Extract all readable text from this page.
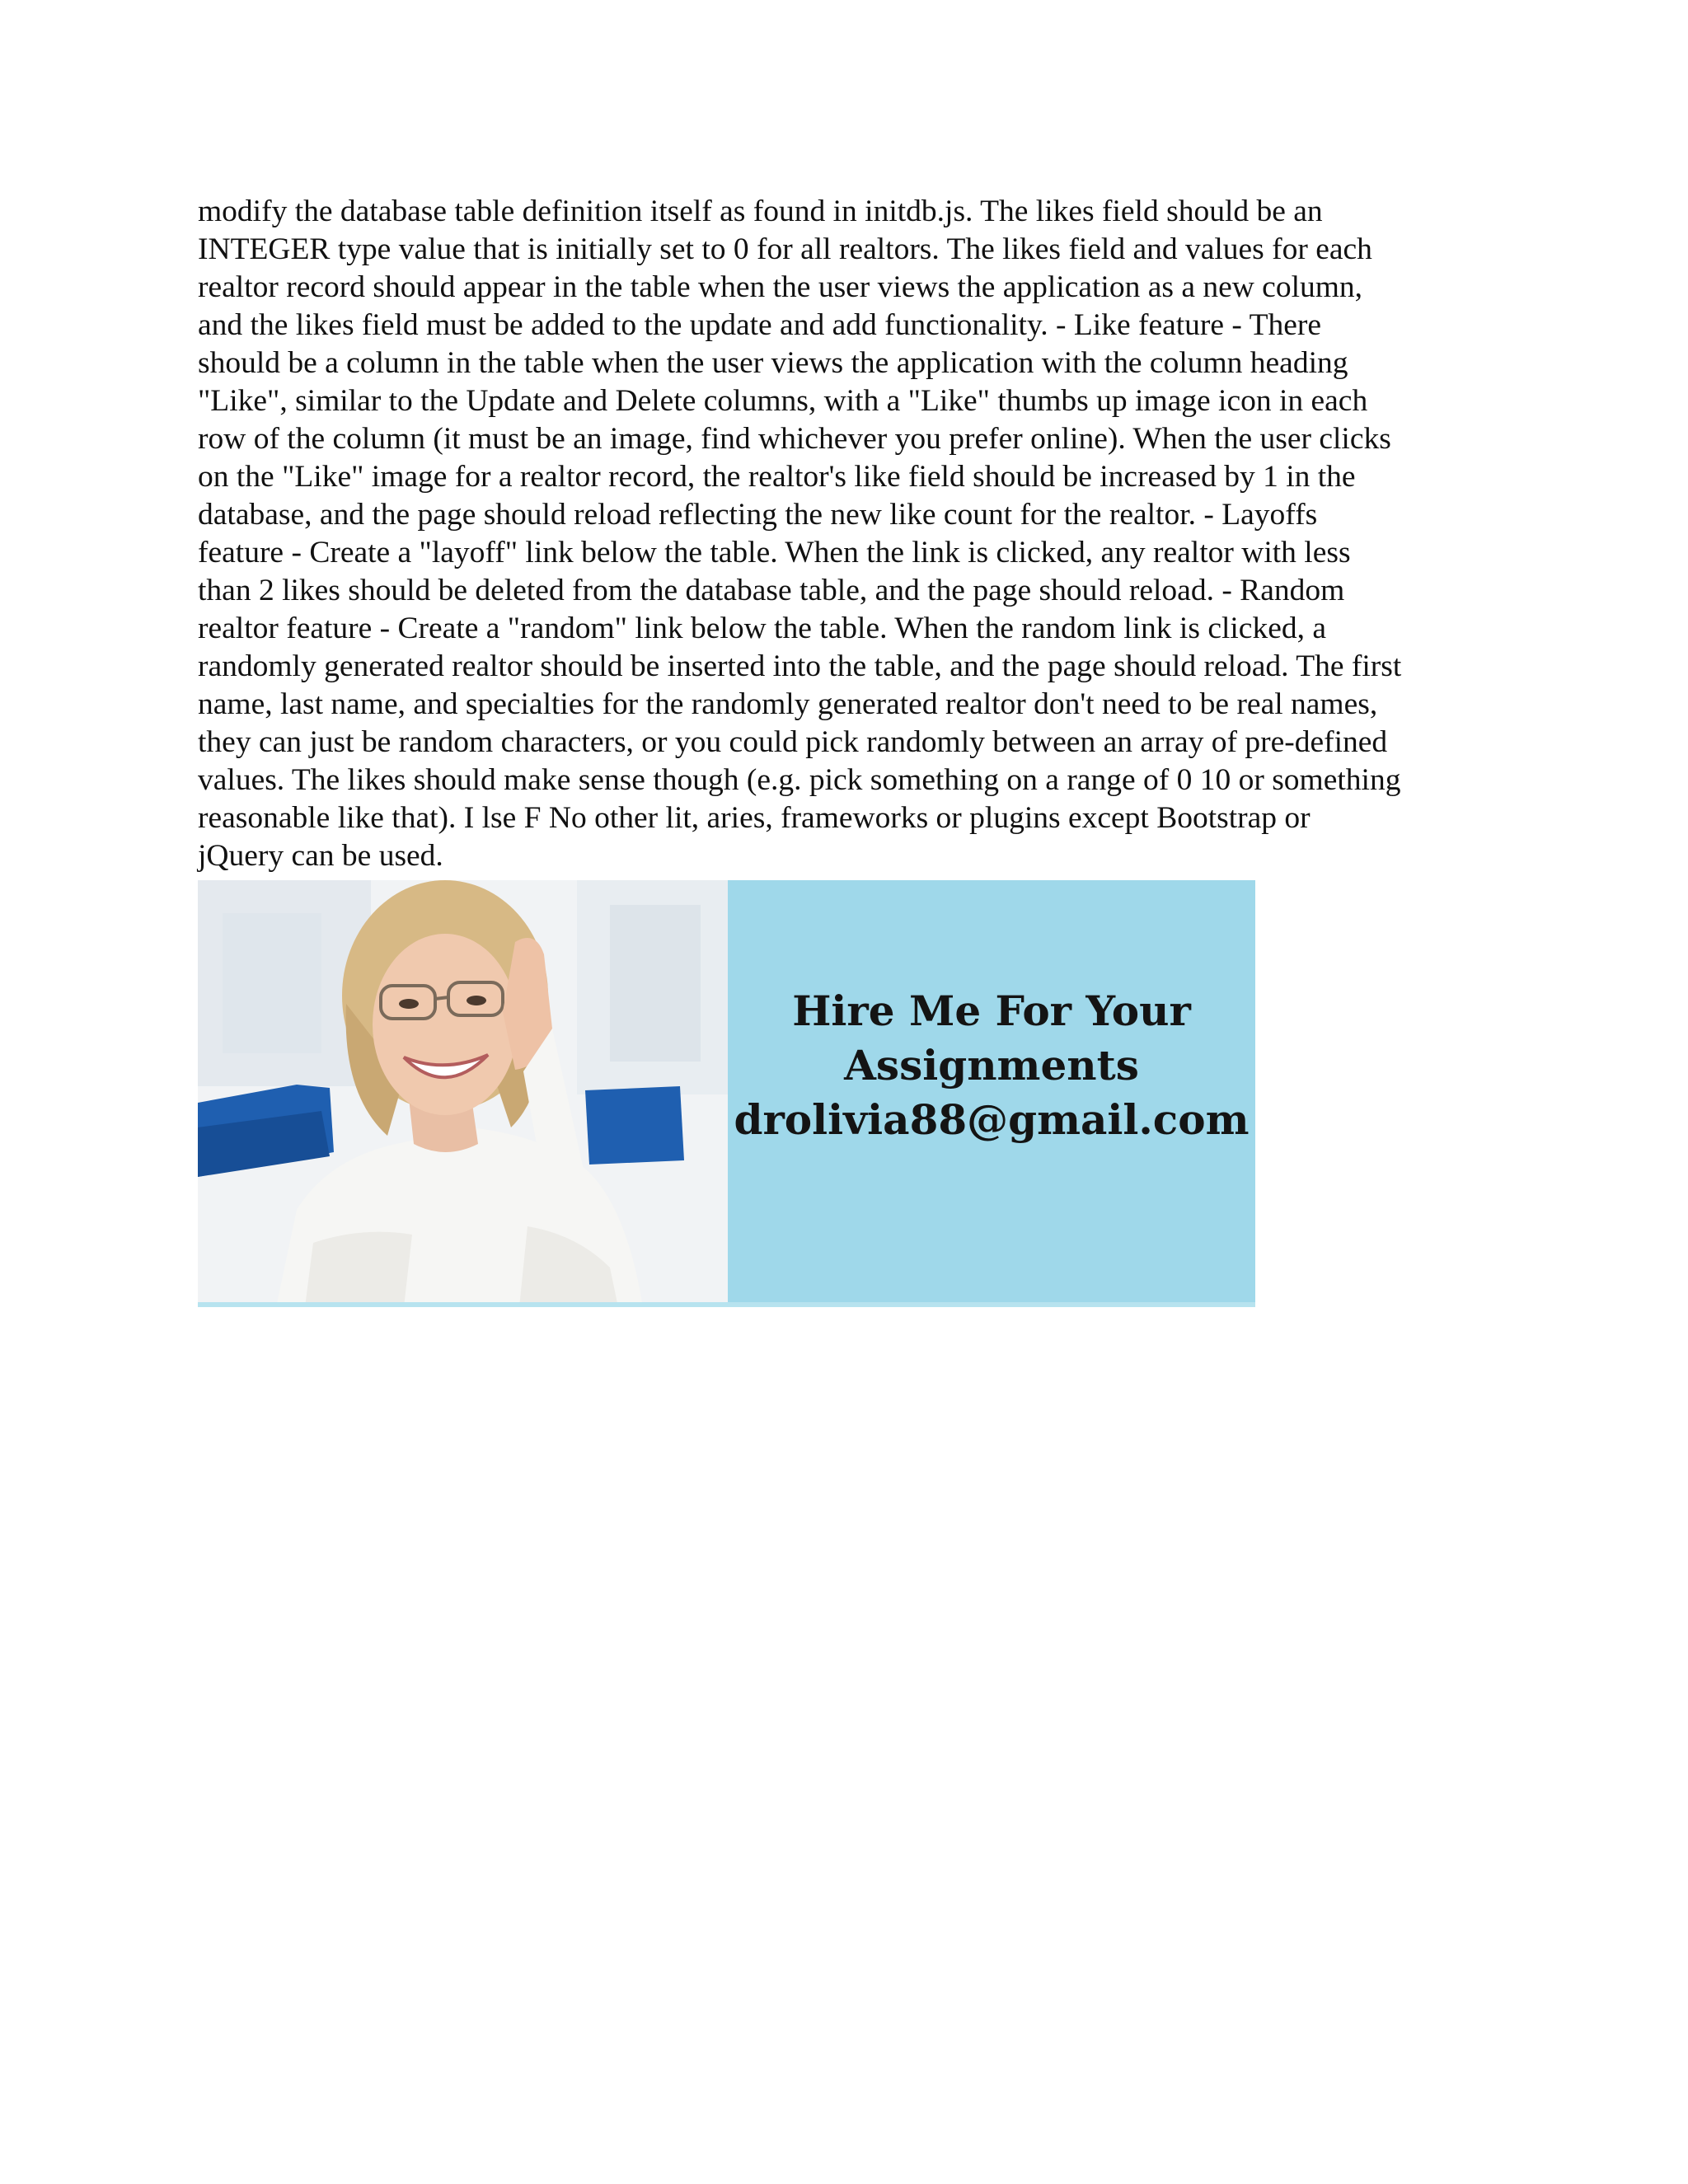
modify the database table definition itself as found in initdb.js. The likes field should be an
INTEGER type value that is initially set to 0 for all realtors. The likes field and values for each
realtor record should appear in the table when the user views the application as a new column,
and the likes field must be added to the update and add functionality. - Like feature - There
should be a column in the table when the user views the application with the column heading
"Like", similar to the Update and Delete columns, with a "Like" thumbs up image icon in each
row of the column (it must be an image, find whichever you prefer online). When the user clicks
on the "Like" image for a realtor record, the realtor's like field should be increased by 1 in the
database, and the page should reload reflecting the new like count for the realtor. - Layoffs
feature - Create a "layoff" link below the table. When the link is clicked, any realtor with less
than 2 likes should be deleted from the database table, and the page should reload. - Random
realtor feature - Create a "random" link below the table. When the random link is clicked, a
randomly generated realtor should be inserted into the table, and the page should reload. The first
name, last name, and specialties for the randomly generated realtor don't need to be real names,
they can just be random characters, or you could pick randomly between an array of pre-defined
values. The likes should make sense though (e.g. pick something on a range of 0 10 or something
reasonable like that). I lse F No other lit, aries, frameworks or plugins except Bootstrap or
jQuery can be used.
Hire Me For Your
Assignments
drolivia88@gmail.com
